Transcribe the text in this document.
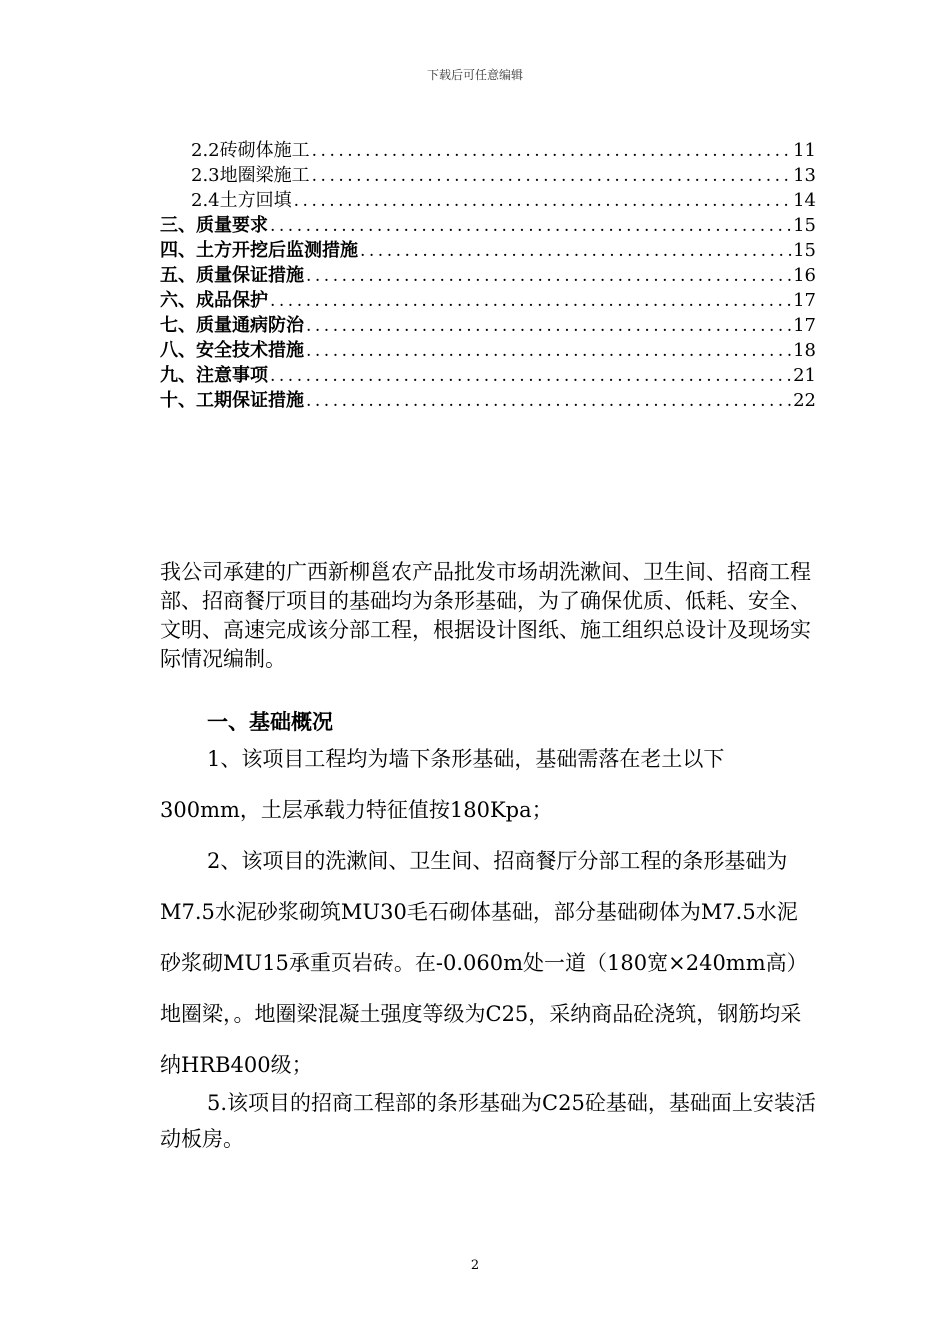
下载后可任意编辑
2.2砖砌体施工 .....	11
2.3地圈梁施工 .....	13
2.4土方回填 .....	14
三、质量要求 .....	15
四、土方开挖后监测措施 .....	15
五、质量保证措施 .....	16
六、成品保护 .....	17
七、质量通病防治 .....	17
八、安全技术措施 .....	18
九、注意事项 .....	21
十、工期保证措施 .....	22

我公司承建的广西新柳邕农产品批发市场胡洗漱间、卫生间、招商工程部、招商餐厅项目的基础均为条形基础，为了确保优质、低耗、安全、文明、高速完成该分部工程，根据设计图纸、施工组织总设计及现场实际情况编制。

一、基础概况

1、该项目工程均为墙下条形基础，基础需落在老土以下300mm，土层承载力特征值按180Kpa；

2、该项目的洗漱间、卫生间、招商餐厅分部工程的条形基础为M7.5水泥砂浆砌筑MU30毛石砌体基础，部分基础砌体为M7.5水泥砂浆砌MU15承重页岩砖。在-0.060m处一道（180宽×240mm高）地圈梁，。地圈梁混凝土强度等级为C25，采纳商品砼浇筑，钢筋均采纳HRB400级；

5.该项目的招商工程部的条形基础为C25砼基础，基础面上安装活动板房。

2
